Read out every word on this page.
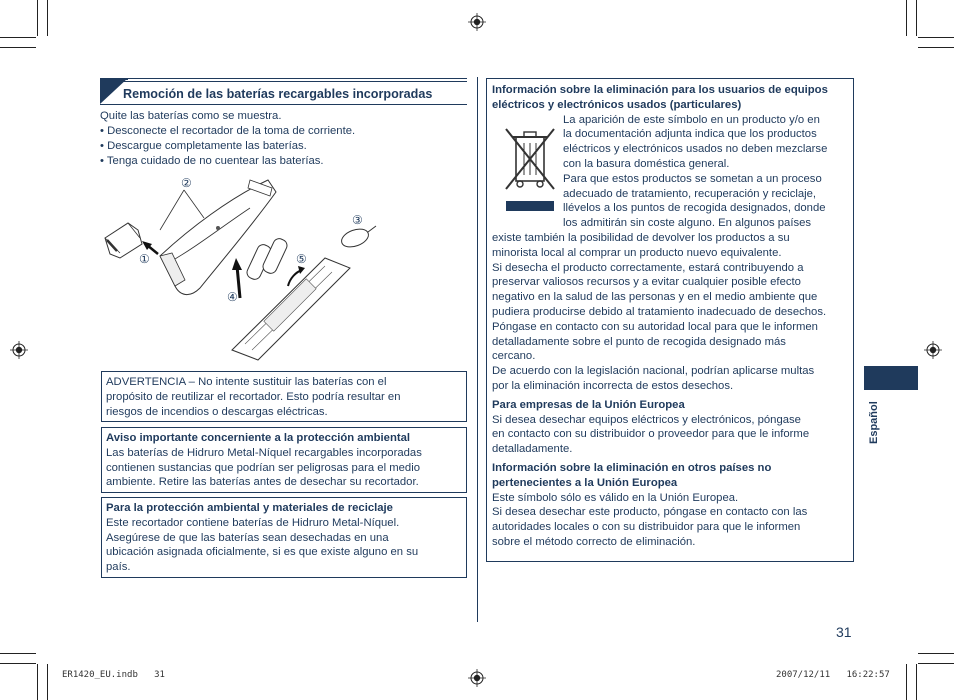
Remoción de las baterías recargables incorporadas
Quite las baterías como se muestra.
• Desconecte el recortador de la toma de corriente.
• Descargue completamente las baterías.
• Tenga cuidado de no cuentear las baterías.
①
②
③
④
⑤
ADVERTENCIA – No intente sustituir las baterías con el
propósito de reutilizar el recortador. Esto podría resultar en
riesgos de incendios o descargas eléctricas.
Aviso importante concerniente a la protección ambiental
Las baterías de Hidruro Metal-Níquel recargables incorporadas
contienen sustancias que podrían ser peligrosas para el medio
ambiente. Retire las baterías antes de desechar su recortador.
Para la protección ambiental y materiales de reciclaje
Este recortador contiene baterías de Hidruro Metal-Níquel.
Asegúrese de que las baterías sean desechadas en una
ubicación asignada oficialmente, si es que existe alguno en su
país.
Información sobre la eliminación para los usuarios de equipos
eléctricos y electrónicos usados (particulares)
La aparición de este símbolo en un producto y/o en
la documentación adjunta indica que los productos
eléctricos y electrónicos usados no deben mezclarse
con la basura doméstica general.
Para que estos productos se sometan a un proceso
adecuado de tratamiento, recuperación y reciclaje,
llévelos a los puntos de recogida designados, donde
los admitirán sin coste alguno. En algunos países
existe también la posibilidad de devolver los productos a su
minorista local al comprar un producto nuevo equivalente.
Si desecha el producto correctamente, estará contribuyendo a
preservar valiosos recursos y a evitar cualquier posible efecto
negativo en la salud de las personas y en el medio ambiente que
pudiera producirse debido al tratamiento inadecuado de desechos.
Póngase en contacto con su autoridad local para que le informen
detalladamente sobre el punto de recogida designado más
cercano.
De acuerdo con la legislación nacional, podrían aplicarse multas
por la eliminación incorrecta de estos desechos.
Para empresas de la Unión Europea
Si desea desechar equipos eléctricos y electrónicos, póngase
en contacto con su distribuidor o proveedor para que le informe
detalladamente.
Información sobre la eliminación en otros países no
pertenecientes a la Unión Europea
Este símbolo sólo es válido en la Unión Europea.
Si desea desechar este producto, póngase en contacto con las
autoridades locales o con su distribuidor para que le informen
sobre el método correcto de eliminación.
Español
31
ER1420_EU.indb   31	2007/12/11   16:22:57
